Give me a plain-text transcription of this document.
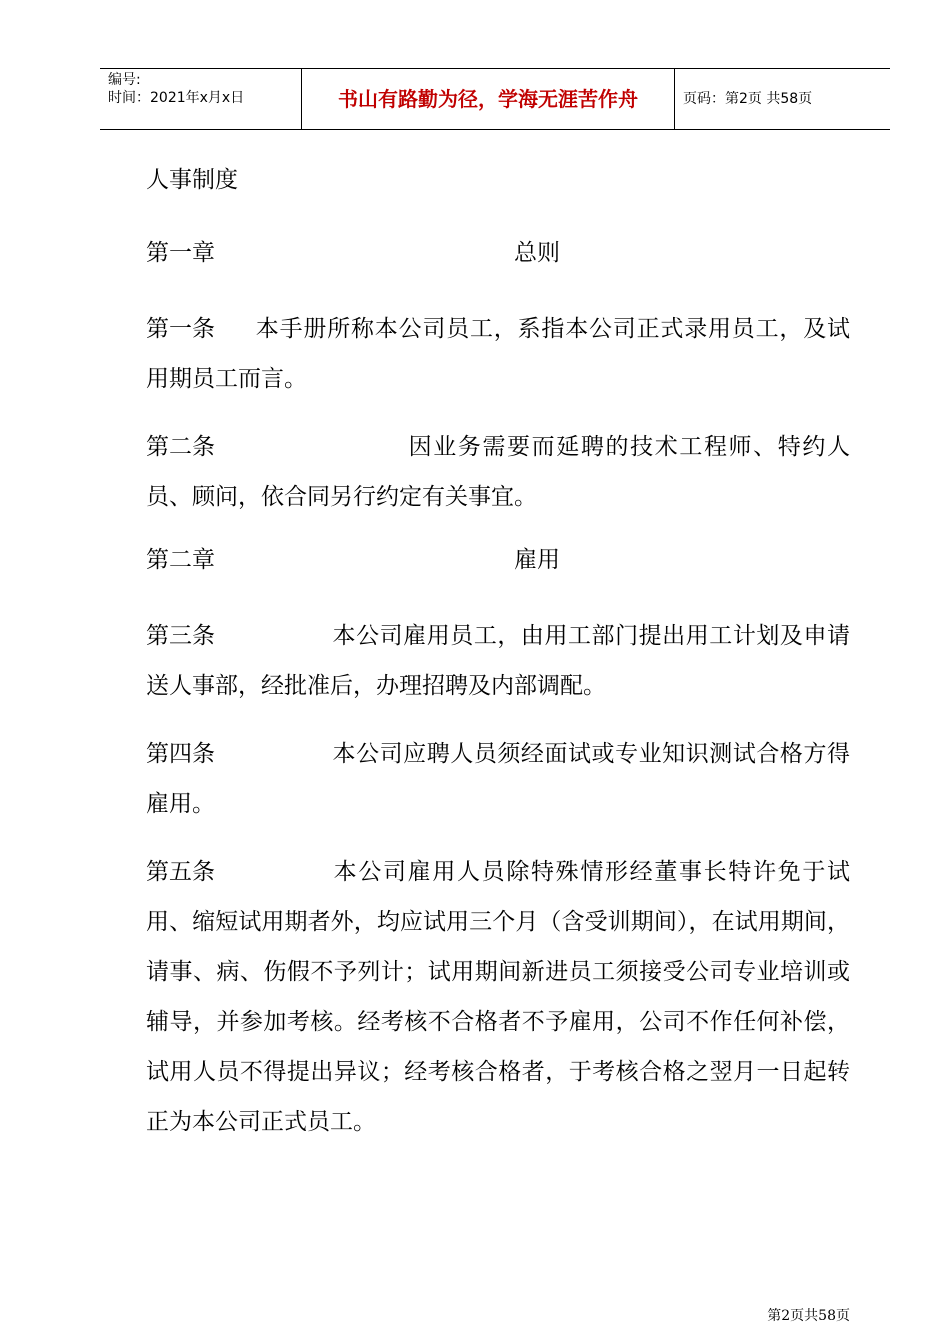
编号:
时间：2021年x月x日	书山有路勤为径，学海无涯苦作舟	页码：第2页 共58页
人事制度
第一章	总则
第一条 本手册所称本公司员工，系指本公司正式录用员工，及试用期员工而言。
第二条	因业务需要而延聘的技术工程师、特约人员、顾问，依合同另行约定有关事宜。
第二章	雇用
第三条	本公司雇用员工，由用工部门提出用工计划及申请送人事部，经批准后，办理招聘及内部调配。
第四条	本公司应聘人员须经面试或专业知识测试合格方得雇用。
第五条	本公司雇用人员除特殊情形经董事长特许免于试用、缩短试用期者外，均应试用三个月（含受训期间），在试用期间，请事、病、伤假不予列计；试用期间新进员工须接受公司专业培训或辅导，并参加考核。经考核不合格者不予雇用，公司不作任何补偿，试用人员不得提出异议；经考核合格者，于考核合格之翌月一日起转正为本公司正式员工。
第2页共58页
